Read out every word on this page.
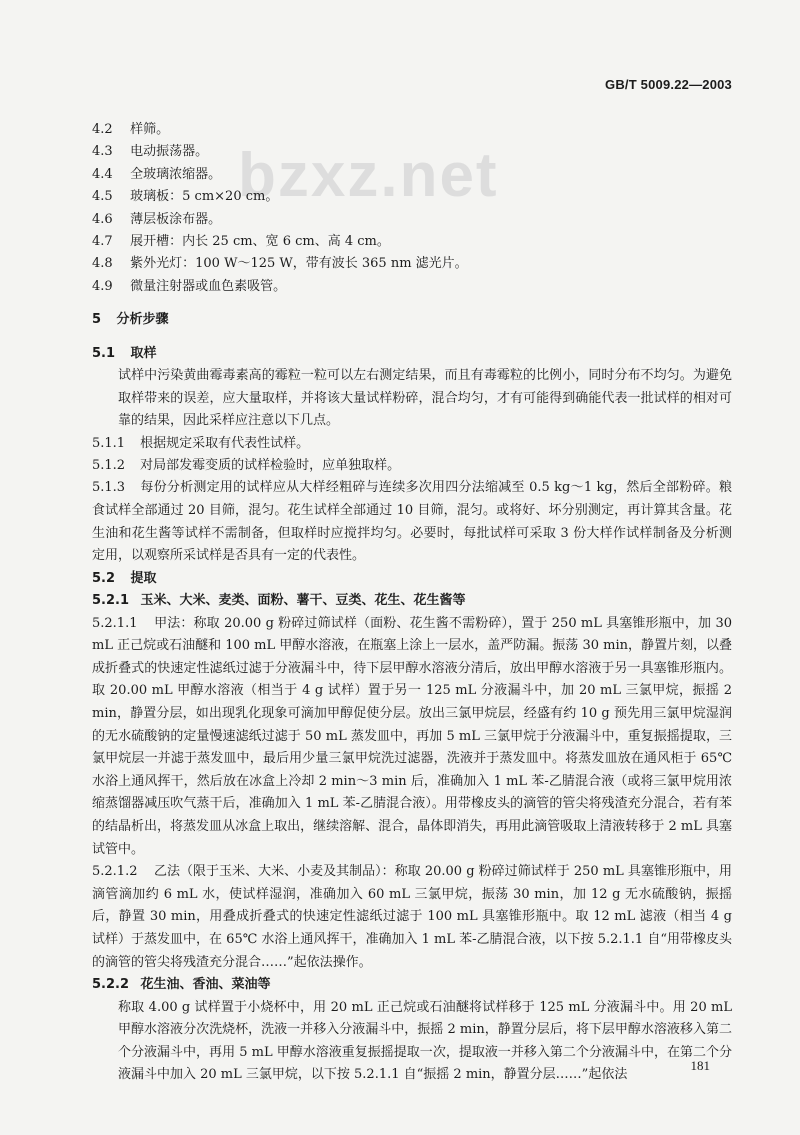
bzxz.net
GB/T 5009.22—2003
4.2 样筛。
4.3 电动振荡器。
4.4 全玻璃浓缩器。
4.5 玻璃板：5 cm×20 cm。
4.6 薄层板涂布器。
4.7 展开槽：内长 25 cm、宽 6 cm、高 4 cm。
4.8 紫外光灯：100 W～125 W，带有波长 365 nm 滤光片。
4.9 微量注射器或血色素吸管。
5 分析步骤
5.1 取样

试样中污染黄曲霉毒素高的霉粒一粒可以左右测定结果，而且有毒霉粒的比例小，同时分布不均匀。为避免取样带来的误差，应大量取样，并将该大量试样粉碎，混合均匀，才有可能得到确能代表一批试样的相对可靠的结果，因此采样应注意以下几点。

5.1.1 根据规定采取有代表性试样。
5.1.2 对局部发霉变质的试样检验时，应单独取样。

5.1.3 每份分析测定用的试样应从大样经粗碎与连续多次用四分法缩减至 0.5 kg～1 kg，然后全部粉碎。粮食试样全部通过 20 目筛，混匀。花生试样全部通过 10 目筛，混匀。或将好、坏分别测定，再计算其含量。花生油和花生酱等试样不需制备，但取样时应搅拌均匀。必要时，每批试样可采取 3 份大样作试样制备及分析测定用，以观察所采试样是否具有一定的代表性。

5.2 提取
5.2.1 玉米、大米、麦类、面粉、薯干、豆类、花生、花生酱等

5.2.1.1 甲法：称取 20.00 g 粉碎过筛试样（面粉、花生酱不需粉碎），置于 250 mL 具塞锥形瓶中，加 30 mL 正己烷或石油醚和 100 mL 甲醇水溶液，在瓶塞上涂上一层水，盖严防漏。振荡 30 min，静置片刻，以叠成折叠式的快速定性滤纸过滤于分液漏斗中，待下层甲醇水溶液分清后，放出甲醇水溶液于另一具塞锥形瓶内。取 20.00 mL 甲醇水溶液（相当于 4 g 试样）置于另一 125 mL 分液漏斗中，加 20 mL 三氯甲烷，振摇 2 min，静置分层，如出现乳化现象可滴加甲醇促使分层。放出三氯甲烷层，经盛有约 10 g 预先用三氯甲烷湿润的无水硫酸钠的定量慢速滤纸过滤于 50 mL 蒸发皿中，再加 5 mL 三氯甲烷于分液漏斗中，重复振摇提取，三氯甲烷层一并滤于蒸发皿中，最后用少量三氯甲烷洗过滤器，洗液并于蒸发皿中。将蒸发皿放在通风柜于 65℃ 水浴上通风挥干，然后放在冰盒上冷却 2 min～3 min 后，准确加入 1 mL 苯-乙腈混合液（或将三氯甲烷用浓缩蒸馏器减压吹气蒸干后，准确加入 1 mL 苯-乙腈混合液）。用带橡皮头的滴管的管尖将残渣充分混合，若有苯的结晶析出，将蒸发皿从冰盒上取出，继续溶解、混合，晶体即消失，再用此滴管吸取上清液转移于 2 mL 具塞试管中。

5.2.1.2 乙法（限于玉米、大米、小麦及其制品）：称取 20.00 g 粉碎过筛试样于 250 mL 具塞锥形瓶中，用滴管滴加约 6 mL 水，使试样湿润，准确加入 60 mL 三氯甲烷，振荡 30 min，加 12 g 无水硫酸钠，振摇后，静置 30 min，用叠成折叠式的快速定性滤纸过滤于 100 mL 具塞锥形瓶中。取 12 mL 滤液（相当 4 g 试样）于蒸发皿中，在 65℃ 水浴上通风挥干，准确加入 1 mL 苯-乙腈混合液，以下按 5.2.1.1 自“用带橡皮头的滴管的管尖将残渣充分混合……”起依法操作。

5.2.2 花生油、香油、菜油等

称取 4.00 g 试样置于小烧杯中，用 20 mL 正己烷或石油醚将试样移于 125 mL 分液漏斗中。用 20 mL 甲醇水溶液分次洗烧杯，洗液一并移入分液漏斗中，振摇 2 min，静置分层后，将下层甲醇水溶液移入第二个分液漏斗中，再用 5 mL 甲醇水溶液重复振摇提取一次，提取液一并移入第二个分液漏斗中，在第二个分液漏斗中加入 20 mL 三氯甲烷，以下按 5.2.1.1 自“振摇 2 min，静置分层……”起依法

181
